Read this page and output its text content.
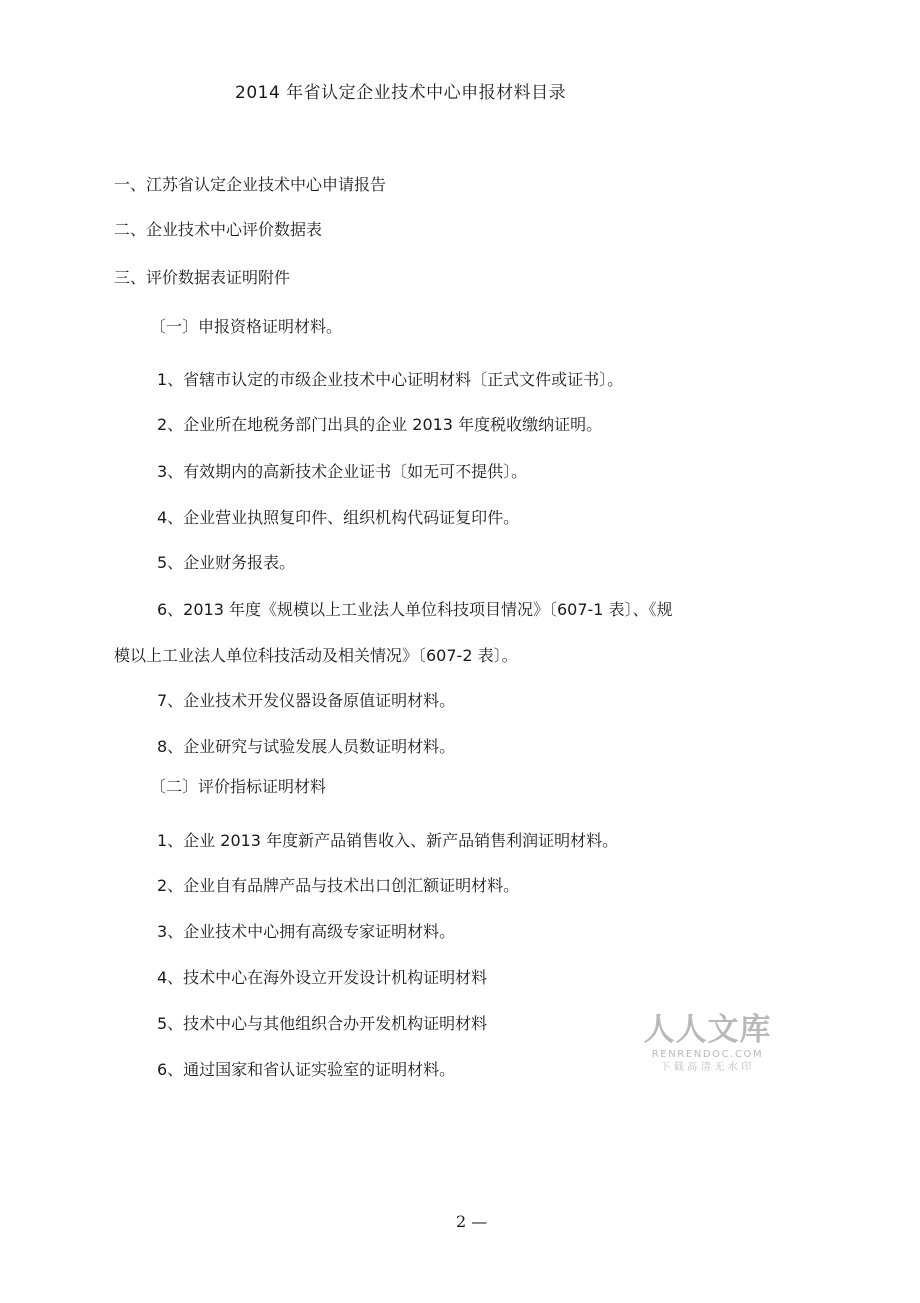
2014 年省认定企业技术中心申报材料目录
一、江苏省认定企业技术中心申请报告
二、企业技术中心评价数据表
三、评价数据表证明附件
〔一〕申报资格证明材料。
1、省辖市认定的市级企业技术中心证明材料〔正式文件或证书〕。
2、企业所在地税务部门出具的企业 2013 年度税收缴纳证明。
3、有效期内的高新技术企业证书〔如无可不提供〕。
4、企业营业执照复印件、组织机构代码证复印件。
5、企业财务报表。
6、2013 年度《规模以上工业法人单位科技项目情况》〔607-1 表〕、《规
模以上工业法人单位科技活动及相关情况》〔607-2 表〕。
7、企业技术开发仪器设备原值证明材料。
8、企业研究与试验发展人员数证明材料。
〔二〕评价指标证明材料
1、企业 2013 年度新产品销售收入、新产品销售利润证明材料。
2、企业自有品牌产品与技术出口创汇额证明材料。
3、企业技术中心拥有高级专家证明材料。
4、技术中心在海外设立开发设计机构证明材料
5、技术中心与其他组织合办开发机构证明材料
6、通过国家和省认证实验室的证明材料。
人人文库
RENRENDOC.COM
下载高清无水印
2 —
